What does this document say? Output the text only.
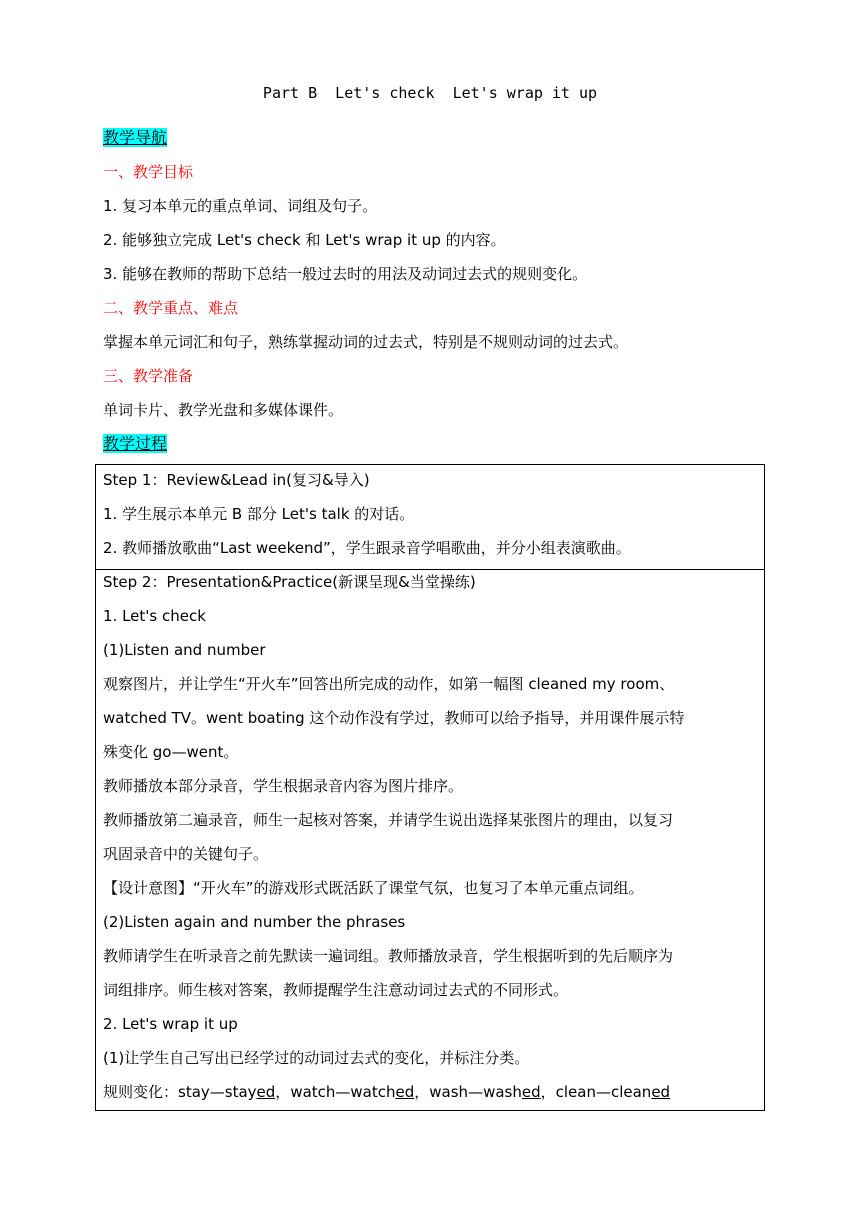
Part B  Let's check  Let's wrap it up
教学导航
一、教学目标
1. 复习本单元的重点单词、词组及句子。
2. 能够独立完成 Let's check 和 Let's wrap it up 的内容。
3. 能够在教师的帮助下总结一般过去时的用法及动词过去式的规则变化。
二、教学重点、难点
掌握本单元词汇和句子，熟练掌握动词的过去式，特别是不规则动词的过去式。
三、教学准备
单词卡片、教学光盘和多媒体课件。
教学过程
Step 1：Review&Lead in(复习&导入)
1. 学生展示本单元 B 部分 Let's talk 的对话。
2. 教师播放歌曲“Last weekend”，学生跟录音学唱歌曲，并分小组表演歌曲。
Step 2：Presentation&Practice(新课呈现&当堂操练)
1. Let's check
(1)Listen and number
观察图片，并让学生“开火车”回答出所完成的动作，如第一幅图 cleaned my room、
watched TV。went boating 这个动作没有学过，教师可以给予指导，并用课件展示特
殊变化 go—went。
教师播放本部分录音，学生根据录音内容为图片排序。
教师播放第二遍录音，师生一起核对答案，并请学生说出选择某张图片的理由，以复习
巩固录音中的关键句子。
【设计意图】“开火车”的游戏形式既活跃了课堂气氛，也复习了本单元重点词组。
(2)Listen again and number the phrases
教师请学生在听录音之前先默读一遍词组。教师播放录音，学生根据听到的先后顺序为
词组排序。师生核对答案，教师提醒学生注意动词过去式的不同形式。
2. Let's wrap it up
(1)让学生自己写出已经学过的动词过去式的变化，并标注分类。
规则变化：stay—stayed，watch—watched，wash—washed，clean—cleaned
